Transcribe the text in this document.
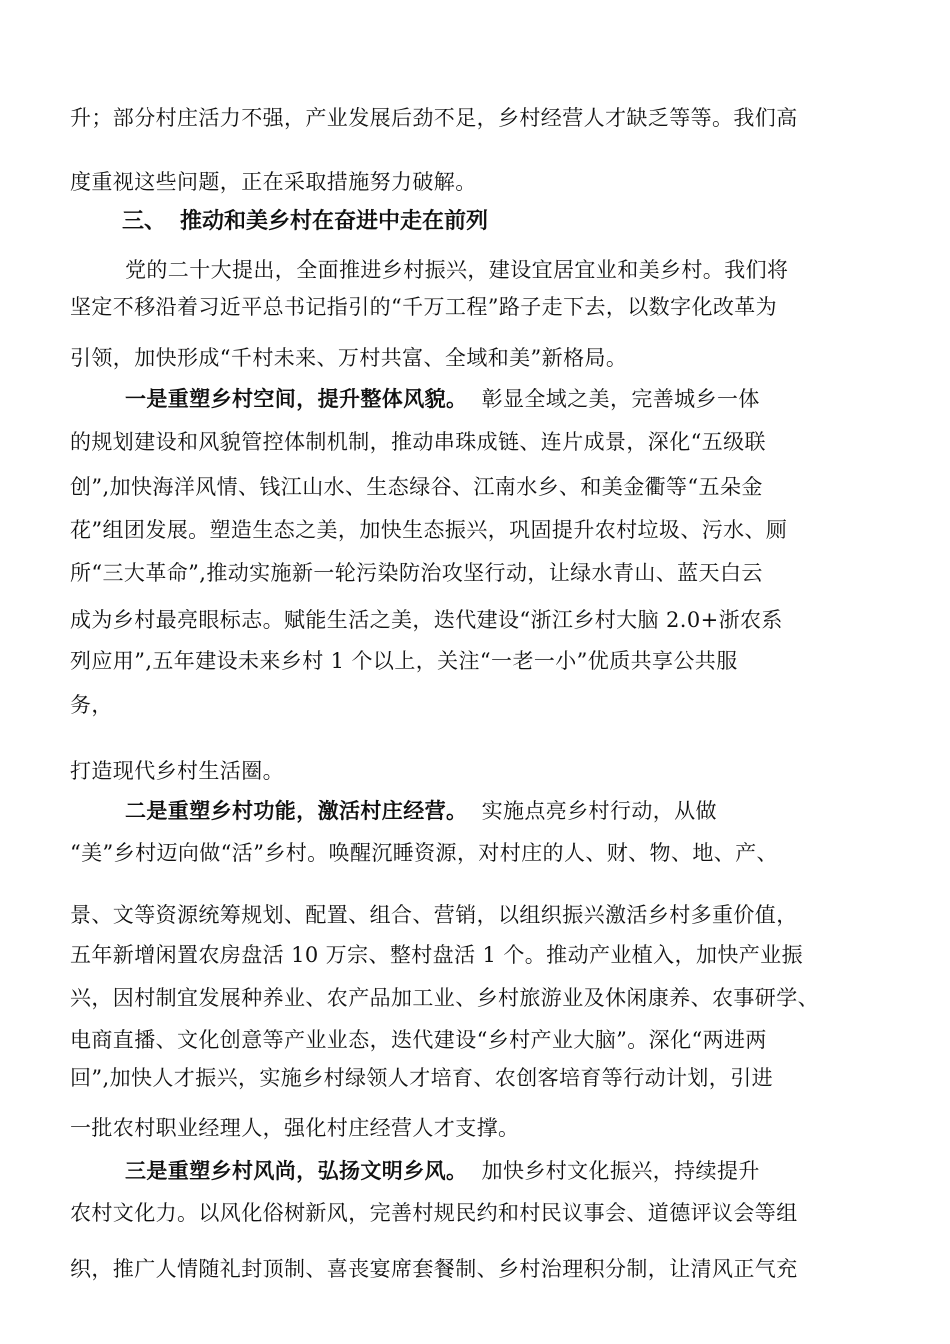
升；部分村庄活力不强，产业发展后劲不足，乡村经营人才缺乏等等。我们高

度重视这些问题，正在采取措施努力破解。

三、 推动和美乡村在奋进中走在前列

党的二十大提出，全面推进乡村振兴，建设宜居宜业和美乡村。我们将

坚定不移沿着习近平总书记指引的“千万工程”路子走下去，以数字化改革为

引领，加快形成“千村未来、万村共富、全域和美”新格局。

一是重塑乡村空间，提升整体风貌。 彰显全域之美，完善城乡一体

的规划建设和风貌管控体制机制，推动串珠成链、连片成景，深化“五级联

创”,加快海洋风情、钱江山水、生态绿谷、江南水乡、和美金衢等“五朵金

花”组团发展。塑造生态之美，加快生态振兴，巩固提升农村垃圾、污水、厕

所“三大革命”,推动实施新一轮污染防治攻坚行动，让绿水青山、蓝天白云

成为乡村最亮眼标志。赋能生活之美，迭代建设“浙江乡村大脑 2.0+浙农系

列应用”,五年建设未来乡村 1 个以上，关注“一老一小”优质共享公共服

务，

打造现代乡村生活圈。

二是重塑乡村功能，激活村庄经营。 实施点亮乡村行动，从做

“美”乡村迈向做“活”乡村。唤醒沉睡资源，对村庄的人、财、物、地、产、

景、文等资源统筹规划、配置、组合、营销，以组织振兴激活乡村多重价值，

五年新增闲置农房盘活 10 万宗、整村盘活 1 个。推动产业植入，加快产业振

兴，因村制宜发展种养业、农产品加工业、乡村旅游业及休闲康养、农事研学、

电商直播、文化创意等产业业态，迭代建设“乡村产业大脑”。深化“两进两

回”,加快人才振兴，实施乡村绿领人才培育、农创客培育等行动计划，引进

一批农村职业经理人，强化村庄经营人才支撑。

三是重塑乡村风尚，弘扬文明乡风。 加快乡村文化振兴，持续提升

农村文化力。以风化俗树新风，完善村规民约和村民议事会、道德评议会等组

织，推广人情随礼封顶制、喜丧宴席套餐制、乡村治理积分制，让清风正气充
